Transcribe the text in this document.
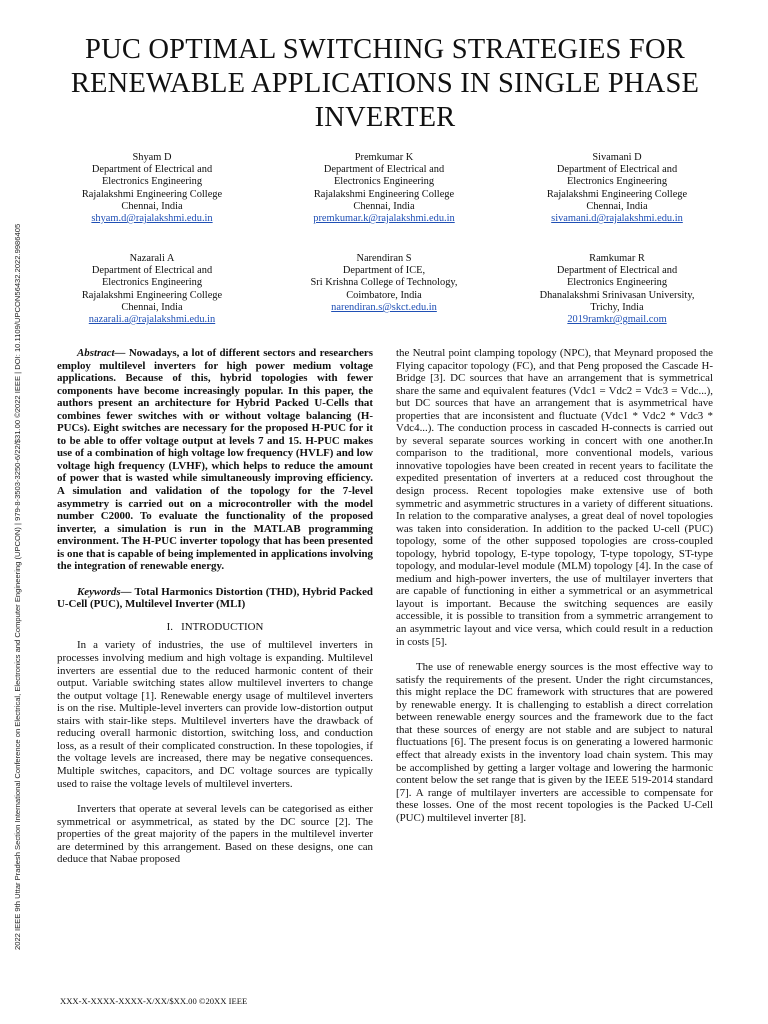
2022 IEEE 9th Uttar Pradesh Section International Conference on Electrical, Electronics and Computer Engineering (UPCON) | 979-8-3503-3250-6/22/$31.00 ©2022 IEEE | DOI: 10.1109/UPCON56432.2022.9986405
PUC OPTIMAL SWITCHING STRATEGIES FOR RENEWABLE APPLICATIONS IN SINGLE PHASE INVERTER
Shyam D
Department of Electrical and
Electronics Engineering
Rajalakshmi Engineering College
Chennai, India
shyam.d@rajalakshmi.edu.in
Premkumar K
Department of Electrical and
Electronics Engineering
Rajalakshmi Engineering College
Chennai, India
premkumar.k@rajalakshmi.edu.in
Sivamani D
Department of Electrical and
Electronics Engineering
Rajalakshmi Engineering College
Chennai, India
sivamani.d@rajalakshmi.edu.in
Nazarali A
Department of Electrical and
Electronics Engineering
Rajalakshmi Engineering College
Chennai, India
nazarali.a@rajalakshmi.edu.in
Narendiran S
Department of ICE,
Sri Krishna College of Technology,
Coimbatore, India
narendiran.s@skct.edu.in
Ramkumar R
Department of Electrical and
Electronics Engineering
Dhanalakshmi Srinivasan University,
Trichy, India
2019ramkr@gmail.com

Abstract— Nowadays, a lot of different sectors and researchers employ multilevel inverters for high power medium voltage applications. Because of this, hybrid topologies with fewer components have become increasingly popular. In this paper, the authors present an architecture for Hybrid Packed U-Cells that combines fewer switches with or without voltage balancing (H-PUCs). Eight switches are necessary for the proposed H-PUC for it to be able to offer voltage output at levels 7 and 15. H-PUC makes use of a combination of high voltage low frequency (HVLF) and low voltage high frequency (LVHF), which helps to reduce the amount of power that is wasted while simultaneously improving efficiency. A simulation and validation of the topology for the 7-level asymmetry is carried out on a microcontroller with the model number C2000. To evaluate the functionality of the proposed inverter, a simulation is run in the MATLAB programming environment. The H-PUC inverter topology that has been presented is one that is capable of being implemented in applications involving the integration of renewable energy.

Keywords— Total Harmonics Distortion (THD), Hybrid Packed U-Cell (PUC), Multilevel Inverter (MLI)

I.   INTRODUCTION

In a variety of industries, the use of multilevel inverters in processes involving medium and high voltage is expanding. Multilevel inverters are essential due to the reduced harmonic content of their output. Variable switching states allow multilevel inverters to change the output voltage [1]. Renewable energy usage of multilevel inverters is on the rise. Multiple-level inverters can provide low-distortion output stairs with stair-like steps. Multilevel inverters have the drawback of reducing overall harmonic distortion, switching loss, and conduction loss, as a result of their complicated construction. In these topologies, if the voltage levels are increased, there may be negative consequences. Multiple switches, capacitors, and DC voltage sources are typically used to raise the voltage levels of multilevel inverters.

Inverters that operate at several levels can be categorised as either symmetrical or asymmetrical, as stated by the DC source [2]. The properties of the great majority of the papers in the multilevel inverter are determined by this arrangement. Based on these designs, one can deduce that Nabae proposed

the Neutral point clamping topology (NPC), that Meynard proposed the Flying capacitor topology (FC), and that Peng proposed the Cascade H-Bridge [3]. DC sources that have an arrangement that is symmetrical share the same and equivalent features (Vdc1 = Vdc2 = Vdc3 = Vdc...), but DC sources that have an arrangement that is asymmetrical have properties that are inconsistent and fluctuate (Vdc1 * Vdc2 * Vdc3 * Vdc4...). The conduction process in cascaded H-connects is carried out by several separate sources working in concert with one another.In comparison to the traditional, more conventional models, various innovative topologies have been created in recent years to facilitate the expedited presentation of inverters at a reduced cost throughout the design process. Recent topologies make extensive use of both symmetric and asymmetric structures in a variety of different situations. In relation to the comparative analyses, a great deal of novel topologies was taken into consideration. In addition to the packed U-cell (PUC) topology, some of the other supposed topologies are cross-coupled topology, hybrid topology, E-type topology, T-type topology, ST-type topology, and modular-level module (MLM) topology [4]. In the case of medium and high-power inverters, the use of multilayer inverters that are capable of functioning in either a symmetrical or an asymmetrical layout is important. Because the switching sequences are easily accessible, it is possible to transition from a symmetric arrangement to an asymmetric layout and vice versa, which could result in a reduction in costs [5].

The use of renewable energy sources is the most effective way to satisfy the requirements of the present. Under the right circumstances, this might replace the DC framework with structures that are powered by renewable energy. It is challenging to establish a direct correlation between renewable energy sources and the framework due to the fact that these sources of energy are not stable and are subject to natural fluctuations [6]. The present focus is on generating a lowered harmonic effect that already exists in the inventory load chain system. This may be accomplished by getting a larger voltage and lowering the harmonic content below the set range that is given by the IEEE 519-2014 standard [7]. A range of multilayer inverters are accessible to compensate for these losses. One of the most recent topologies is the Packed U-Cell (PUC) multilevel inverter [8].

XXX-X-XXXX-XXXX-X/XX/$XX.00 ©20XX IEEE
